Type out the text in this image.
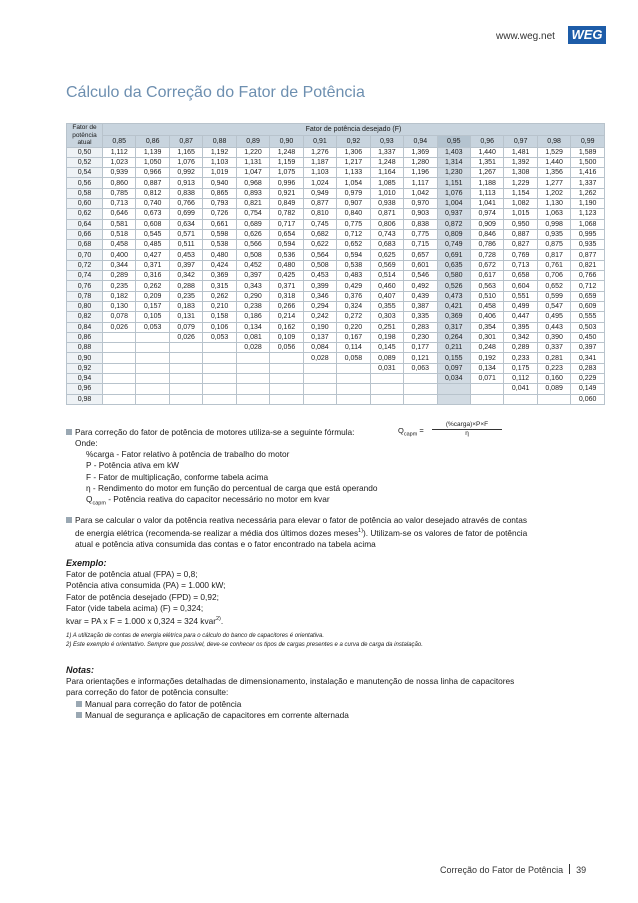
www.weg.net WEG
Cálculo da Correção do Fator de Potência
Fator de
potência
atual	Fator de potência desejado (F)														
	0,85	0,86	0,87	0,88	0,89	0,90	0,91	0,92	0,93	0,94	0,95	0,96	0,97	0,98	0,99
0,50	1,112	1,139	1,165	1,192	1,220	1,248	1,276	1,306	1,337	1,369	1,403	1,440	1,481	1,529	1,589
0,52	1,023	1,050	1,076	1,103	1,131	1,159	1,187	1,217	1,248	1,280	1,314	1,351	1,392	1,440	1,500
0,54	0,939	0,966	0,992	1,019	1,047	1,075	1,103	1,133	1,164	1,196	1,230	1,267	1,308	1,356	1,416
0,56	0,860	0,887	0,913	0,940	0,968	0,996	1,024	1,054	1,085	1,117	1,151	1,188	1,229	1,277	1,337
0,58	0,785	0,812	0,838	0,865	0,893	0,921	0,949	0,979	1,010	1,042	1,076	1,113	1,154	1,202	1,262
0,60	0,713	0,740	0,766	0,793	0,821	0,849	0,877	0,907	0,938	0,970	1,004	1,041	1,082	1,130	1,190
0,62	0,646	0,673	0,699	0,726	0,754	0,782	0,810	0,840	0,871	0,903	0,937	0,974	1,015	1,063	1,123
0,64	0,581	0,608	0,634	0,661	0,689	0,717	0,745	0,775	0,806	0,838	0,872	0,909	0,950	0,998	1,068
0,66	0,518	0,545	0,571	0,598	0,626	0,654	0,682	0,712	0,743	0,775	0,809	0,846	0,887	0,935	0,995
0,68	0,458	0,485	0,511	0,538	0,566	0,594	0,622	0,652	0,683	0,715	0,749	0,786	0,827	0,875	0,935
0,70	0,400	0,427	0,453	0,480	0,508	0,536	0,564	0,594	0,625	0,657	0,691	0,728	0,769	0,817	0,877
0,72	0,344	0,371	0,397	0,424	0,452	0,480	0,508	0,538	0,569	0,601	0,635	0,672	0,713	0,761	0,821
0,74	0,289	0,316	0,342	0,369	0,397	0,425	0,453	0,483	0,514	0,546	0,580	0,617	0,658	0,706	0,766
0,76	0,235	0,262	0,288	0,315	0,343	0,371	0,399	0,429	0,460	0,492	0,526	0,563	0,604	0,652	0,712
0,78	0,182	0,209	0,235	0,262	0,290	0,318	0,346	0,376	0,407	0,439	0,473	0,510	0,551	0,599	0,659
0,80	0,130	0,157	0,183	0,210	0,238	0,266	0,294	0,324	0,355	0,387	0,421	0,458	0,499	0,547	0,609
0,82	0,078	0,105	0,131	0,158	0,186	0,214	0,242	0,272	0,303	0,335	0,369	0,406	0,447	0,495	0,555
0,84	0,026	0,053	0,079	0,106	0,134	0,162	0,190	0,220	0,251	0,283	0,317	0,354	0,395	0,443	0,503
0,86			0,026	0,053	0,081	0,109	0,137	0,167	0,198	0,230	0,264	0,301	0,342	0,390	0,450
0,88					0,028	0,056	0,084	0,114	0,145	0,177	0,211	0,248	0,289	0,337	0,397
0,90							0,028	0,058	0,089	0,121	0,155	0,192	0,233	0,281	0,341
0,92									0,031	0,063	0,097	0,134	0,175	0,223	0,283
0,94											0,034	0,071	0,112	0,160	0,229
0,96													0,041	0,089	0,149
0,98															0,060
Para correção do fator de potência de motores utiliza-se a seguinte fórmula:	$Q_{capm}$ =
(%carga)×P×F
η
Onde:
%carga - Fator relativo à potência de trabalho do motor
P - Potência ativa em kW
F - Fator de multiplicação, conforme tabela acima
η - Rendimento do motor em função do percentual de carga que está operando
$Q_{capm}$ - Potência reativa do capacitor necessário no motor em kvar
Para se calcular o valor da potência reativa necessária para elevar o fator de potência ao valor desejado através de contas
de energia elétrica (recomenda-se realizar a média dos últimos dozes meses$^{1)}$). Utilizam-se os valores de fator de potência
atual e potência ativa consumida das contas e o fator encontrado na tabela acima
Exemplo:
Fator de potência atual (FPA) = 0,8;
Potência ativa consumida (PA) = 1.000 kW;
Fator de potência desejado (FPD) = 0,92;
Fator (vide tabela acima) (F) = 0,324;
kvar = PA x F = 1.000 x 0,324 = 324 kvar$^{2)}$.
1) A utilização de contas de energia elétrica para o cálculo do banco de capacitores é orientativa.
2) Este exemplo é orientativo. Sempre que possível, deve-se conhecer os tipos de cargas presentes e a curva de carga da instalação.
Notas:
Para orientações e informações detalhadas de dimensionamento, instalação e manutenção de nossa linha de capacitores
para correção do fator de potência consulte:
Manual para correção do fator de potência
Manual de segurança e aplicação de capacitores em corrente alternada
Correção do Fator de Potência 39
